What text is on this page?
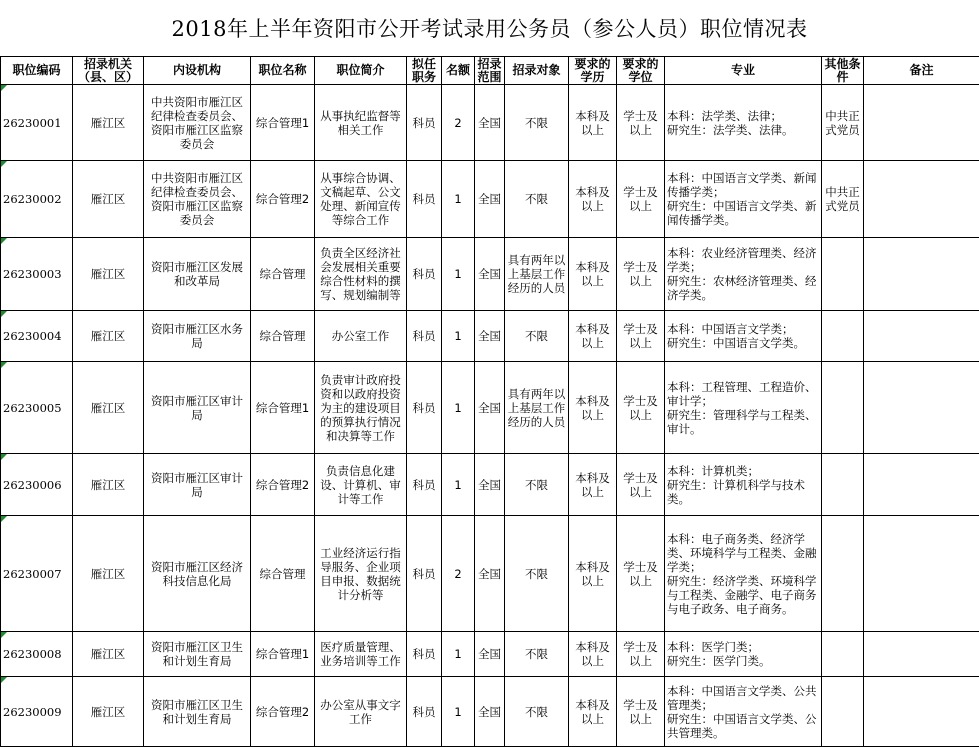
2018年上半年资阳市公开考试录用公务员（参公人员）职位情况表
职位编码	招录机关（县、区）	内设机构	职位名称	职位简介	拟任职务	名额	招录范围	招录对象	要求的学历	要求的学位	专业	其他条件	备注

26230001	雁江区	中共资阳市雁江区纪律检查委员会、资阳市雁江区监察委员会	综合管理1	从事执纪监督等相关工作	科员	2	全国	不限	本科及以上	学士及以上	本科：法学类、法律；
研究生：法学类、法律。	中共正式党员	

26230002	雁江区	中共资阳市雁江区纪律检查委员会、资阳市雁江区监察委员会	综合管理2	从事综合协调、文稿起草、公文处理、新闻宣传等综合工作	科员	1	全国	不限	本科及以上	学士及以上	本科：中国语言文学类、新闻传播学类；
研究生：中国语言文学类、新闻传播学类。	中共正式党员	

26230003	雁江区	资阳市雁江区发展和改革局	综合管理	负责全区经济社会发展相关重要综合性材料的撰写、规划编制等	科员	1	全国	具有两年以上基层工作经历的人员	本科及以上	学士及以上	本科：农业经济管理类、经济学类；
研究生：农林经济管理类、经济学类。		

26230004	雁江区	资阳市雁江区水务局	综合管理	办公室工作	科员	1	全国	不限	本科及以上	学士及以上	本科：中国语言文学类；
研究生：中国语言文学类。		

26230005	雁江区	资阳市雁江区审计局	综合管理1	负责审计政府投资和以政府投资为主的建设项目的预算执行情况和决算等工作	科员	1	全国	具有两年以上基层工作经历的人员	本科及以上	学士及以上	本科：工程管理、工程造价、审计学；
研究生：管理科学与工程类、审计。		

26230006	雁江区	资阳市雁江区审计局	综合管理2	负责信息化建设、计算机、审计等工作	科员	1	全国	不限	本科及以上	学士及以上	本科：计算机类；
研究生：计算机科学与技术类。		

26230007	雁江区	资阳市雁江区经济科技信息化局	综合管理	工业经济运行指导服务、企业项目申报、数据统计分析等	科员	2	全国	不限	本科及以上	学士及以上	本科：电子商务类、经济学类、环境科学与工程类、金融学类；
研究生：经济学类、环境科学与工程类、金融学、电子商务与电子政务、电子商务。		

26230008	雁江区	资阳市雁江区卫生和计划生育局	综合管理1	医疗质量管理、业务培训等工作	科员	1	全国	不限	本科及以上	学士及以上	本科：医学门类；
研究生：医学门类。		

26230009	雁江区	资阳市雁江区卫生和计划生育局	综合管理2	办公室从事文字工作	科员	1	全国	不限	本科及以上	学士及以上	本科：中国语言文学类、公共管理类；
研究生：中国语言文学类、公共管理类。		
